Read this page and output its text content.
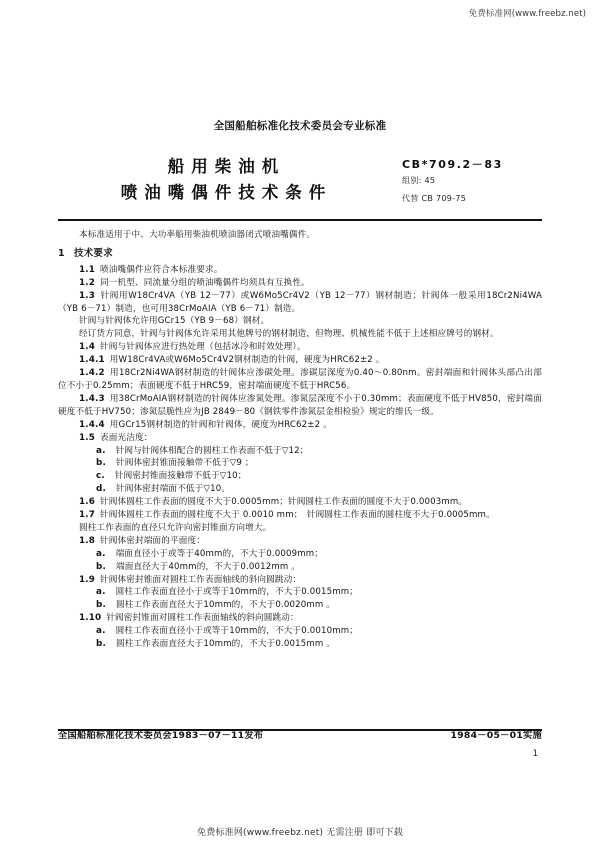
免费标准网(www.freebz.net)
全国船舶标准化技术委员会专业标准
船用柴油机
喷油嘴偶件技术条件
CB*709.2－83
组别: 45
代替 CB 709-75

本标准适用于中、大功率船用柴油机喷油器闭式喷油嘴偶件。

1 技术要求

1.1 喷油嘴偶件应符合本标准要求。

1.2 同一机型、同流量分组的喷油嘴偶件均须具有互换性。

1.3 针阀用W18Cr4VA（YB 12－77）或W6Mo5Cr4V2（YB 12－77）钢材制造；针阀体一般采用18Cr2Ni4WA（YB 6－71）制造，也可用38CrMoAIA（YB 6－71）制造。

针阀与针阀体允许用GCr15（YB 9－68）钢材。

经订货方同意，针阀与针阀体允许采用其他牌号的钢材制造，但物理、机械性能不低于上述相应牌号的钢材。

1.4 针阀与针阀体应进行热处理（包括冰冷和时效处理）。

1.4.1 用W18Cr4VA或W6Mo5Cr4V2钢材制造的针阀，硬度为HRC62±2 。

1.4.2 用18Cr2Ni4WA钢材制造的针阀体应渗碳处理。渗碳层深度为0.40～0.80nm。密封端面和针阀体头部凸出部位不小于0.25mm；表面硬度不低于HRC59，密封端面硬度不低于HRC56。

1.4.3 用38CrMoAIA钢材制造的针阀体应渗氮处理。渗氮层深度不小于0.30mm；表面硬度不低于HV850，密封端面硬度不低于HV750；渗氮层脆性应为JB 2849－80《钢铁零件渗氮层金相检验》规定的维氏一级。

1.4.4 用GCr15钢材制造的针阀和针阀体，硬度为HRC62±2 。

1.5 表面光洁度：

a. 针阀与针阀体相配合的圆柱工作表面不低于▽12；

b. 针阀体密封锥面接触带不低于▽9 ；

c. 针阀密封锥面接触带不低于▽10；

d. 针阀体密封端面不低于▽10。

1.6 针阀体圆柱工作表面的圆度不大于0.0005mm；针阀圆柱工作表面的圆度不大于0.0003mm。

1.7 针阀体圆柱工作表面的圆柱度不大于 0.0010 mm；　针阀圆柱工作表面的圆柱度不大于0.0005mm。

圆柱工作表面的直径只允许向密封锥面方向增大。

1.8 针阀体密封端面的平面度：

a. 端面直径小于或等于40mm的，不大于0.0009mm；

b. 端面直径大于40mm的，不大于0.0012mm 。

1.9 针阀体密封锥面对圆柱工作表面轴线的斜向圆跳动：

a. 圆柱工作表面直径小于或等于10mm的，不大于0.0015mm；

b. 圆柱工作表面直径大于10mm的，不大于0.0020mm 。

1.10 针阀密封锥面对圆柱工作表面轴线的斜向圆跳动：

a. 圆柱工作表面直径小于或等于10mm的，不大于0.0010mm；

b. 圆柱工作表面直径大于10mm的，不大于0.0015mm 。

全国船舶标准化技术委员会1983－07－11发布	1984－05－01实施
1
免费标准网(www.freebz.net) 无需注册 即可下载
